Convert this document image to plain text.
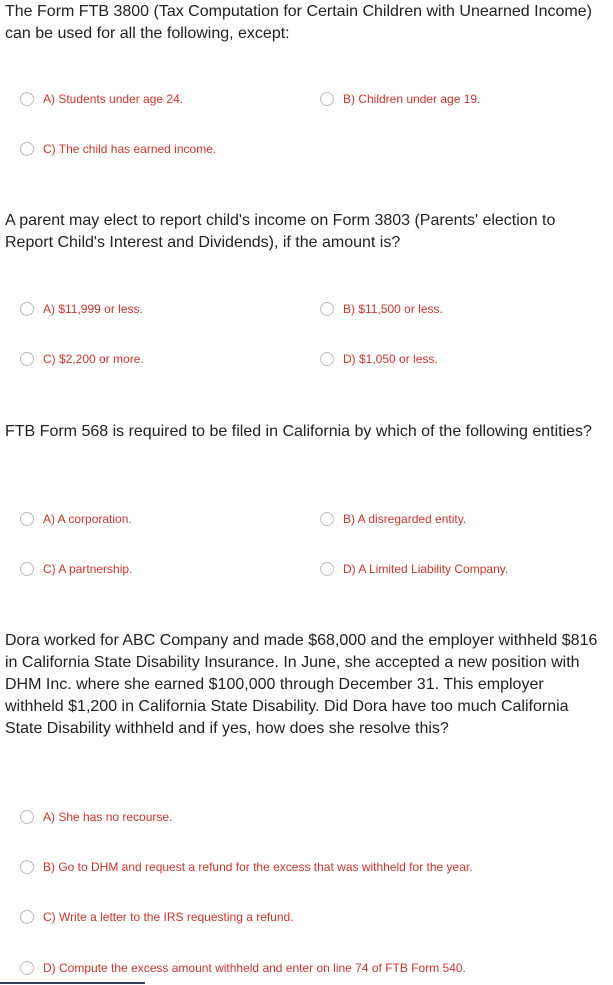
The Form FTB 3800 (Tax Computation for Certain Children with Unearned Income) can be used for all the following, except:
A) Students under age 24.	B) Children under age 19.
C) The child has earned income.
A parent may elect to report child's income on Form 3803 (Parents' election to Report Child's Interest and Dividends), if the amount is?
A) $11,999 or less.	B) $11,500 or less.
C) $2,200 or more.	D) $1,050 or less.
FTB Form 568 is required to be filed in California by which of the following entities?
A) A corporation.	B) A disregarded entity.
C) A partnership.	D) A Limited Liability Company.
Dora worked for ABC Company and made $68,000 and the employer withheld $816 in California State Disability Insurance. In June, she accepted a new position with DHM Inc. where she earned $100,000 through December 31. This employer withheld $1,200 in California State Disability. Did Dora have too much California State Disability withheld and if yes, how does she resolve this?
A) She has no recourse.
B) Go to DHM and request a refund for the excess that was withheld for the year.
C) Write a letter to the IRS requesting a refund.
D) Compute the excess amount withheld and enter on line 74 of FTB Form 540.
